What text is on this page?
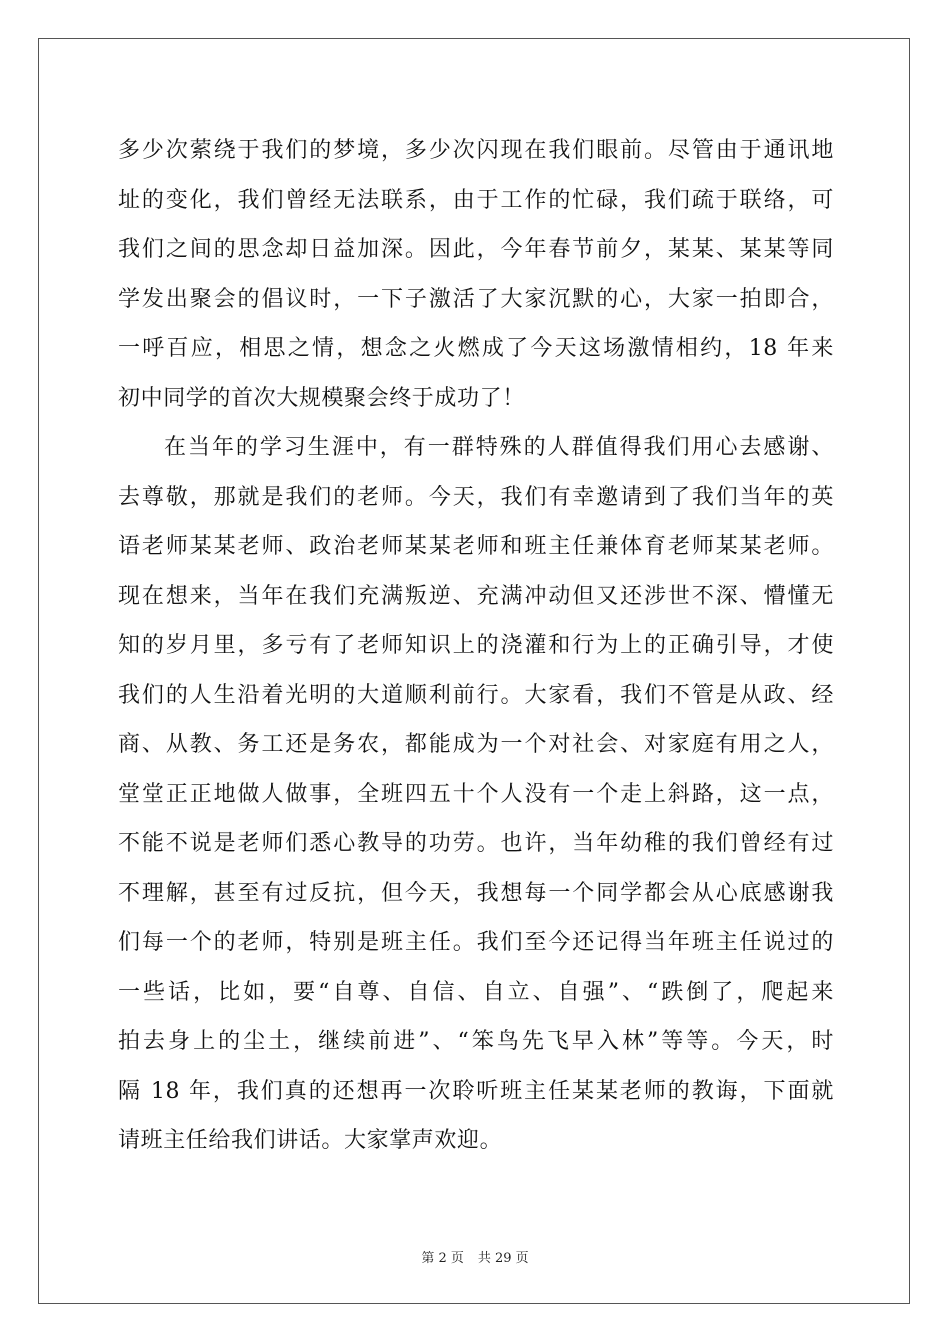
多少次萦绕于我们的梦境，多少次闪现在我们眼前。尽管由于通讯地
址的变化，我们曾经无法联系，由于工作的忙碌，我们疏于联络，可
我们之间的思念却日益加深。因此，今年春节前夕，某某、某某等同
学发出聚会的倡议时，一下子激活了大家沉默的心，大家一拍即合，
一呼百应，相思之情，想念之火燃成了今天这场激情相约，18 年来
初中同学的首次大规模聚会终于成功了！
在当年的学习生涯中，有一群特殊的人群值得我们用心去感谢、
去尊敬，那就是我们的老师。今天，我们有幸邀请到了我们当年的英
语老师某某老师、政治老师某某老师和班主任兼体育老师某某老师。
现在想来，当年在我们充满叛逆、充满冲动但又还涉世不深、懵懂无
知的岁月里，多亏有了老师知识上的浇灌和行为上的正确引导，才使
我们的人生沿着光明的大道顺利前行。大家看，我们不管是从政、经
商、从教、务工还是务农，都能成为一个对社会、对家庭有用之人，
堂堂正正地做人做事，全班四五十个人没有一个走上斜路，这一点，
不能不说是老师们悉心教导的功劳。也许，当年幼稚的我们曾经有过
不理解，甚至有过反抗，但今天，我想每一个同学都会从心底感谢我
们每一个的老师，特别是班主任。我们至今还记得当年班主任说过的
一些话，比如，要“自尊、自信、自立、自强”、“跌倒了，爬起来
拍去身上的尘土，继续前进”、“笨鸟先飞早入林”等等。今天，时
隔 18 年，我们真的还想再一次聆听班主任某某老师的教诲，下面就
请班主任给我们讲话。大家掌声欢迎。
第 2 页 共 29 页
